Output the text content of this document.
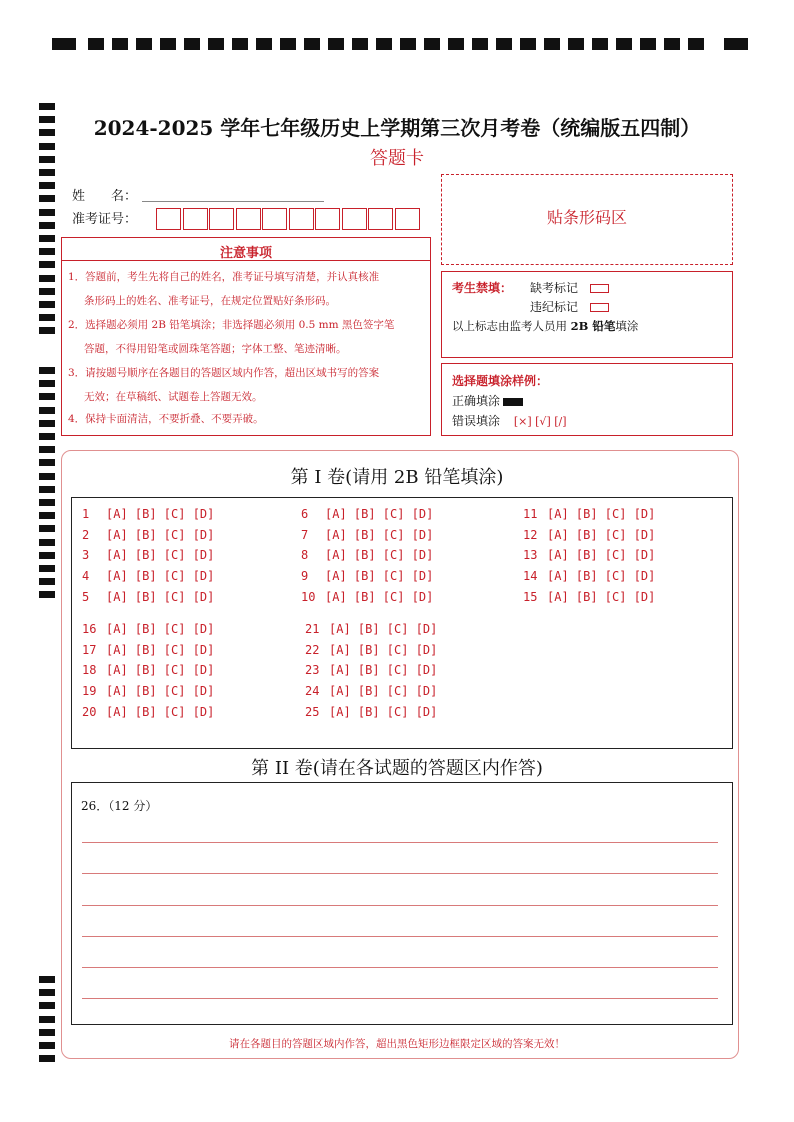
2024-2025 学年七年级历史上学期第三次月考卷（统编版五四制）
答题卡
姓　　名：
准考证号：	贴条形码区
注意事项
1．答题前，考生先将自己的姓名，准考证号填写清楚，并认真核准
条形码上的姓名、准考证号，在规定位置贴好条形码。
2．选择题必须用 2B 铅笔填涂；非选择题必须用 0.5 mm 黑色签字笔
答题，不得用铅笔或圆珠笔答题；字体工整、笔迹清晰。
3．请按题号顺序在各题目的答题区域内作答，超出区域书写的答案
无效；在草稿纸、试题卷上答题无效。
4．保持卡面清洁，不要折叠、不要弄破。
考生禁填： 缺考标记
违纪标记
以上标志由监考人员用 2B 铅笔填涂
选择题填涂样例：
正确填涂
错误填涂 [×] [√] [/]
第 I 卷(请用 2B 铅笔填涂)
1 [A] [B] [C] [D]
2 [A] [B] [C] [D]
3 [A] [B] [C] [D]
4 [A] [B] [C] [D]
5 [A] [B] [C] [D]
6 [A] [B] [C] [D]
7 [A] [B] [C] [D]
8 [A] [B] [C] [D]
9 [A] [B] [C] [D]
10 [A] [B] [C] [D]
11 [A] [B] [C] [D]
12 [A] [B] [C] [D]
13 [A] [B] [C] [D]
14 [A] [B] [C] [D]
15 [A] [B] [C] [D]
16 [A] [B] [C] [D]
17 [A] [B] [C] [D]
18 [A] [B] [C] [D]
19 [A] [B] [C] [D]
20 [A] [B] [C] [D]
21 [A] [B] [C] [D]
22 [A] [B] [C] [D]
23 [A] [B] [C] [D]
24 [A] [B] [C] [D]
25 [A] [B] [C] [D]
第 II 卷(请在各试题的答题区内作答)
26．（12 分）
请在各题目的答题区域内作答，超出黑色矩形边框限定区域的答案无效！
